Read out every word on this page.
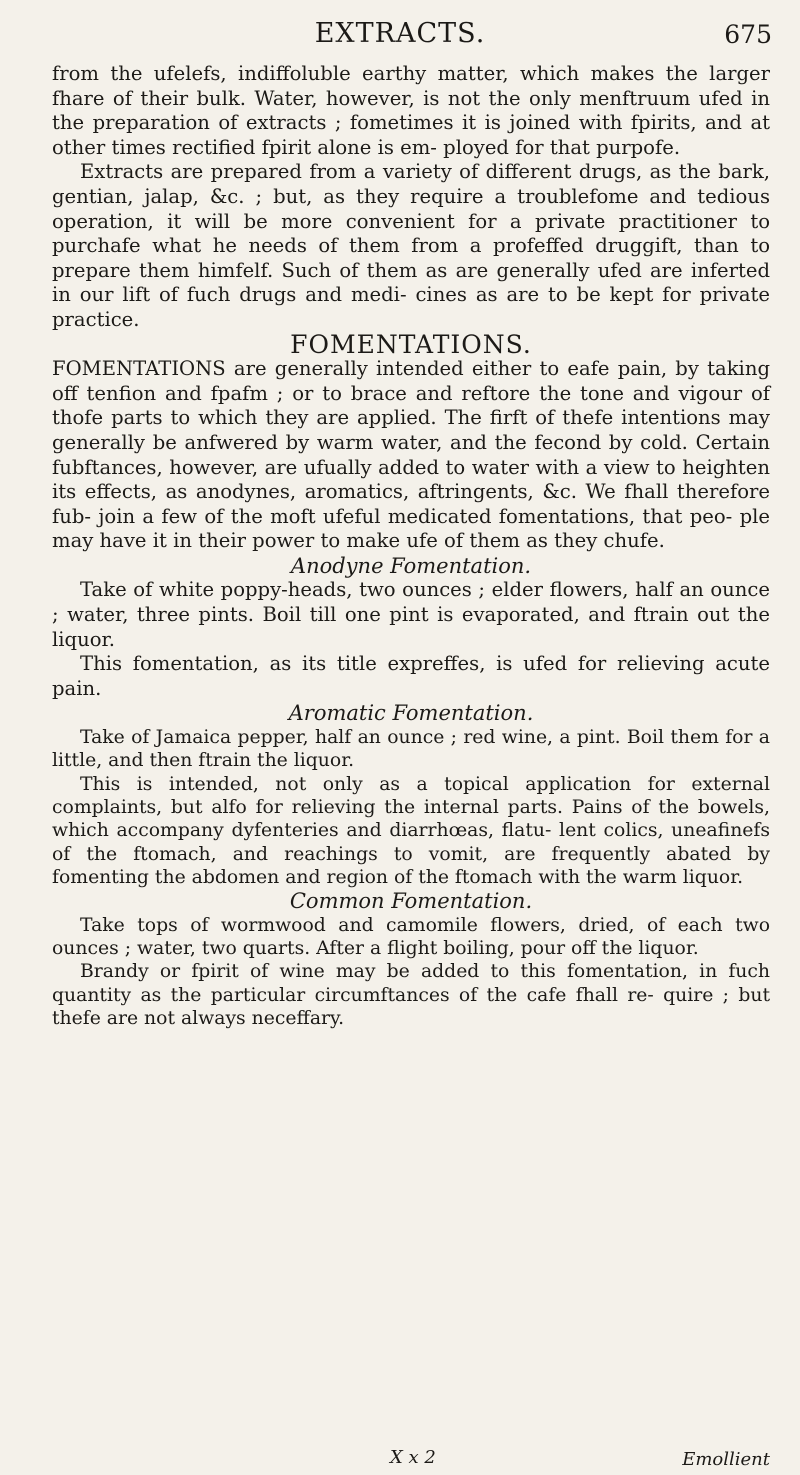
EXTRACTS.	675

from the ufelefs, indiffoluble earthy matter, which makes the larger fhare of their bulk. Water, however, is not the only menftruum ufed in the preparation of extracts ; fometimes it is joined with fpirits, and at other times rectified fpirit alone is em- ployed for that purpofe.

Extracts are prepared from a variety of different drugs, as the bark, gentian, jalap, &c. ; but, as they require a troublefome and tedious operation, it will be more convenient for a private practitioner to purchafe what he needs of them from a profeffed druggift, than to prepare them himfelf. Such of them as are generally ufed are inferted in our lift of fuch drugs and medi- cines as are to be kept for private practice.

FOMENTATIONS.

FOMENTATIONS are generally intended either to eafe pain, by taking off tenfion and fpafm ; or to brace and reftore the tone and vigour of thofe parts to which they are applied. The firft of thefe intentions may generally be anfwered by warm water, and the fecond by cold. Certain fubftances, however, are ufually added to water with a view to heighten its effects, as anodynes, aromatics, aftringents, &c. We fhall therefore fub- join a few of the moft ufeful medicated fomentations, that peo- ple may have it in their power to make ufe of them as they chufe.

Anodyne Fomentation.

Take of white poppy-heads, two ounces ; elder flowers, half an ounce ; water, three pints. Boil till one pint is evaporated, and ftrain out the liquor.

This fomentation, as its title expreffes, is ufed for relieving acute pain.

Aromatic Fomentation.

Take of Jamaica pepper, half an ounce ; red wine, a pint. Boil them for a little, and then ftrain the liquor.

This is intended, not only as a topical application for external complaints, but alfo for relieving the internal parts. Pains of the bowels, which accompany dyfenteries and diarrhœas, flatu- lent colics, uneafinefs of the ftomach, and reachings to vomit, are frequently abated by fomenting the abdomen and region of the ftomach with the warm liquor.

Common Fomentation.

Take tops of wormwood and camomile flowers, dried, of each two ounces ; water, two quarts. After a flight boiling, pour off the liquor.

Brandy or fpirit of wine may be added to this fomentation, in fuch quantity as the particular circumftances of the cafe fhall re- quire ; but thefe are not always neceffary.

X x 2	Emollient
